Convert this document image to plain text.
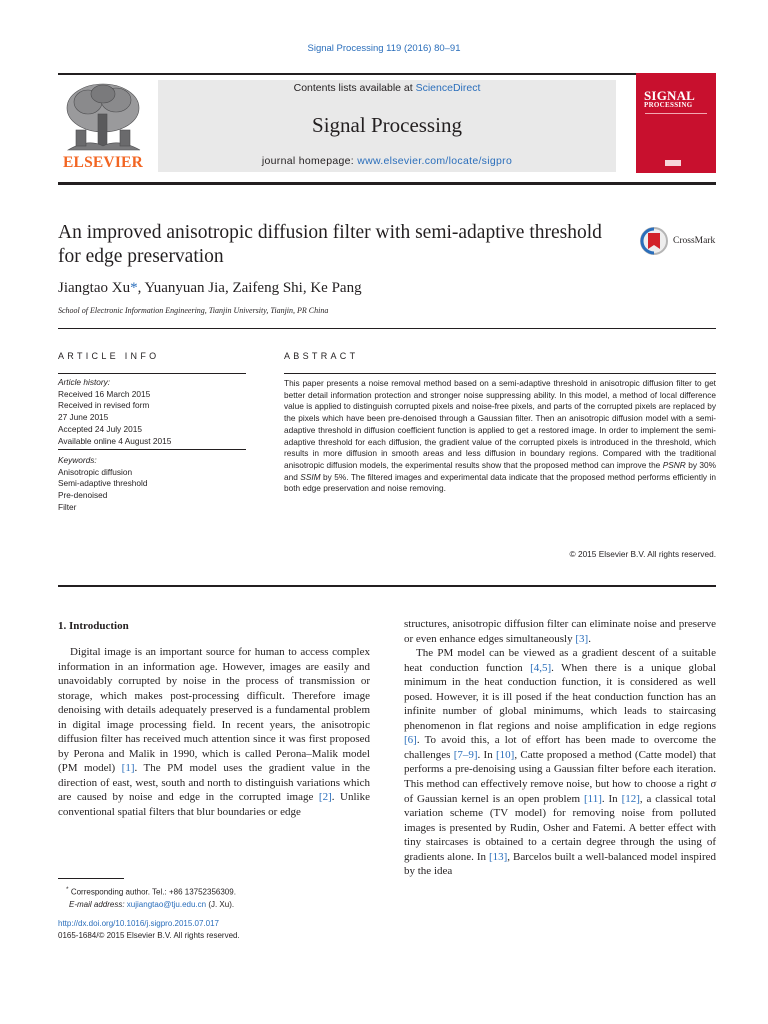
Signal Processing 119 (2016) 80–91
ELSEVIER
Contents lists available at ScienceDirect
Signal Processing
journal homepage: www.elsevier.com/locate/sigpro
SIGNAL
PROCESSING
An improved anisotropic diffusion filter with semi-adaptive threshold for edge preservation
CrossMark
Jiangtao Xu*, Yuanyuan Jia, Zaifeng Shi, Ke Pang
School of Electronic Information Engineering, Tianjin University, Tianjin, PR China
ARTICLE INFO
Article history:
Received 16 March 2015
Received in revised form
27 June 2015
Accepted 24 July 2015
Available online 4 August 2015
Keywords:
Anisotropic diffusion
Semi-adaptive threshold
Pre-denoised
Filter
ABSTRACT

This paper presents a noise removal method based on a semi-adaptive threshold in anisotropic diffusion filter to get better detail information protection and stronger noise suppressing ability. In this model, a method of local difference value is applied to distinguish corrupted pixels and noise-free pixels, and parts of the corrupted pixels are replaced by the pixels which have been pre-denoised through a Gaussian filter. Then an anisotropic diffusion model with a semi-adaptive threshold in diffusion coefficient function is applied to get a restored image. In order to implement the semi-adaptive threshold for each diffusion, the gradient value of the corrupted pixels is introduced in the threshold, which results in more diffusion in smooth areas and less diffusion in boundary regions. Compared with the traditional anisotropic diffusion models, the experimental results show that the proposed method can improve the PSNR by 30% and SSIM by 5%. The filtered images and experimental data indicate that the proposed method performs efficiently in both edge preservation and noise removing.

© 2015 Elsevier B.V. All rights reserved.
1. Introduction

Digital image is an important source for human to access complex information in an information age. However, images are easily and unavoidably corrupted by noise in the process of transmission or storage, which makes post-processing difficult. Therefore image denoising with details adequately preserved is a fundamental problem in digital image processing field. In recent years, the anisotropic diffusion filter has received much attention since it was first proposed by Perona and Malik in 1990, which is called Perona–Malik model (PM model) [1]. The PM model uses the gradient value in the direction of east, west, south and north to distinguish variations which are caused by noise and edge in the corrupted image [2]. Unlike conventional spatial filters that blur boundaries or edge

structures, anisotropic diffusion filter can eliminate noise and preserve or even enhance edges simultaneously [3].

The PM model can be viewed as a gradient descent of a suitable heat conduction function [4,5]. When there is a unique global minimum in the heat conduction function, it is considered as well posed. However, it is ill posed if the heat conduction function has an infinite number of global minimums, which leads to staircasing phenomenon in flat regions and noise amplification in edge regions [6]. To avoid this, a lot of effort has been made to overcome the challenges [7–9]. In [10], Catte proposed a method (Catte model) that performs a pre-denoising using a Gaussian filter before each iteration. This method can effectively remove noise, but how to choose a right σ of Gaussian kernel is an open problem [11]. In [12], a classical total variation scheme (TV model) for removing noise from polluted images is presented by Rudin, Osher and Fatemi. A better effect with tiny staircases is obtained to a certain degree through the using of gradients alone. In [13], Barcelos built a well-balanced model inspired by the idea

* Corresponding author. Tel.: +86 13752356309.
E-mail address: xujiangtao@tju.edu.cn (J. Xu).
http://dx.doi.org/10.1016/j.sigpro.2015.07.017
0165-1684/© 2015 Elsevier B.V. All rights reserved.
